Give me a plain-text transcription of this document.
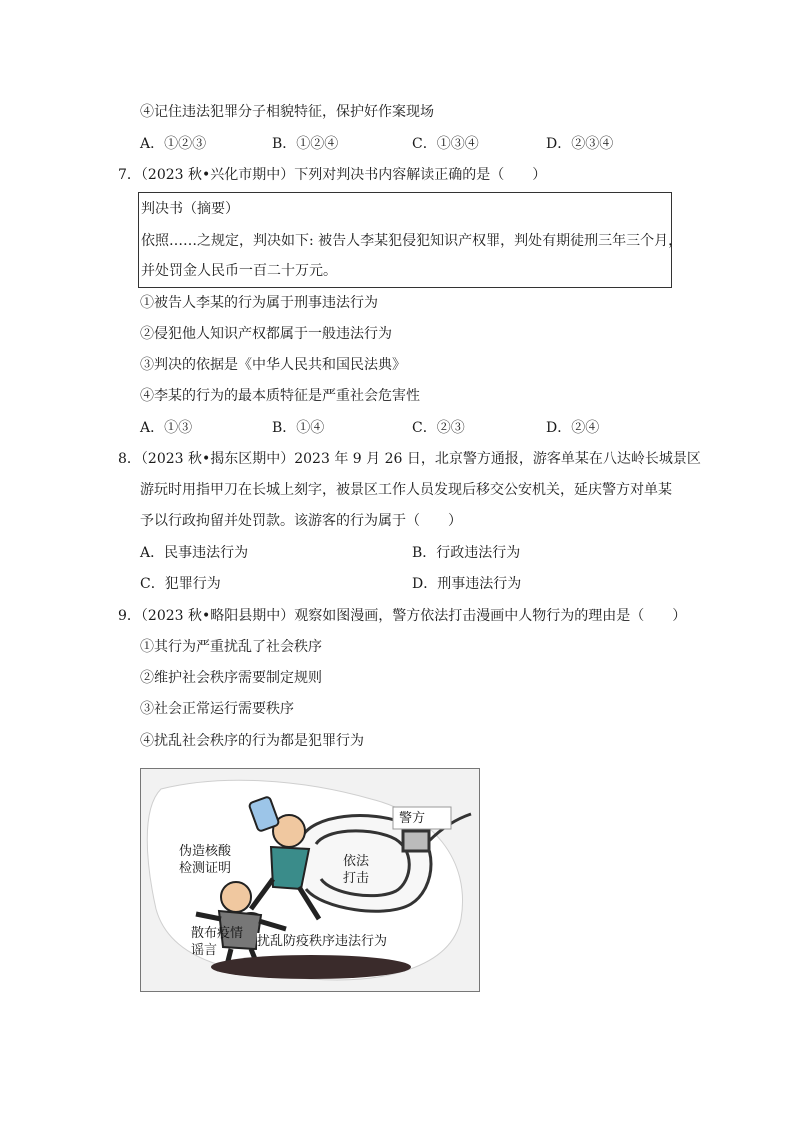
④记住违法犯罪分子相貌特征，保护好作案现场
A．①②③	B．①②④	C．①③④	D．②③④
7．（2023 秋•兴化市期中）下列对判决书内容解读正确的是（　　）
判决书（摘要）
依照……之规定，判决如下: 被告人李某犯侵犯知识产权罪，判处有期徒刑三年三个月，
并处罚金人民币一百二十万元。
①被告人李某的行为属于刑事违法行为
②侵犯他人知识产权都属于一般违法行为
③判决的依据是《中华人民共和国民法典》
④李某的行为的最本质特征是严重社会危害性
A．①③	B．①④	C．②③	D．②④
8．（2023 秋•揭东区期中）2023 年 9 月 26 日，北京警方通报，游客单某在八达岭长城景区
游玩时用指甲刀在长城上刻字，被景区工作人员发现后移交公安机关，延庆警方对单某
予以行政拘留并处罚款。该游客的行为属于（　　）
A．民事违法行为	B．行政违法行为
C．犯罪行为	D．刑事违法行为
9．（2023 秋•略阳县期中）观察如图漫画，警方依法打击漫画中人物行为的理由是（　　）
①其行为严重扰乱了社会秩序
②维护社会秩序需要制定规则
③社会正常运行需要秩序
④扰乱社会秩序的行为都是犯罪行为
警方
伪造核酸
检测证明	依法
打击
散布疫情
谣言
扰乱防疫秩序违法行为
